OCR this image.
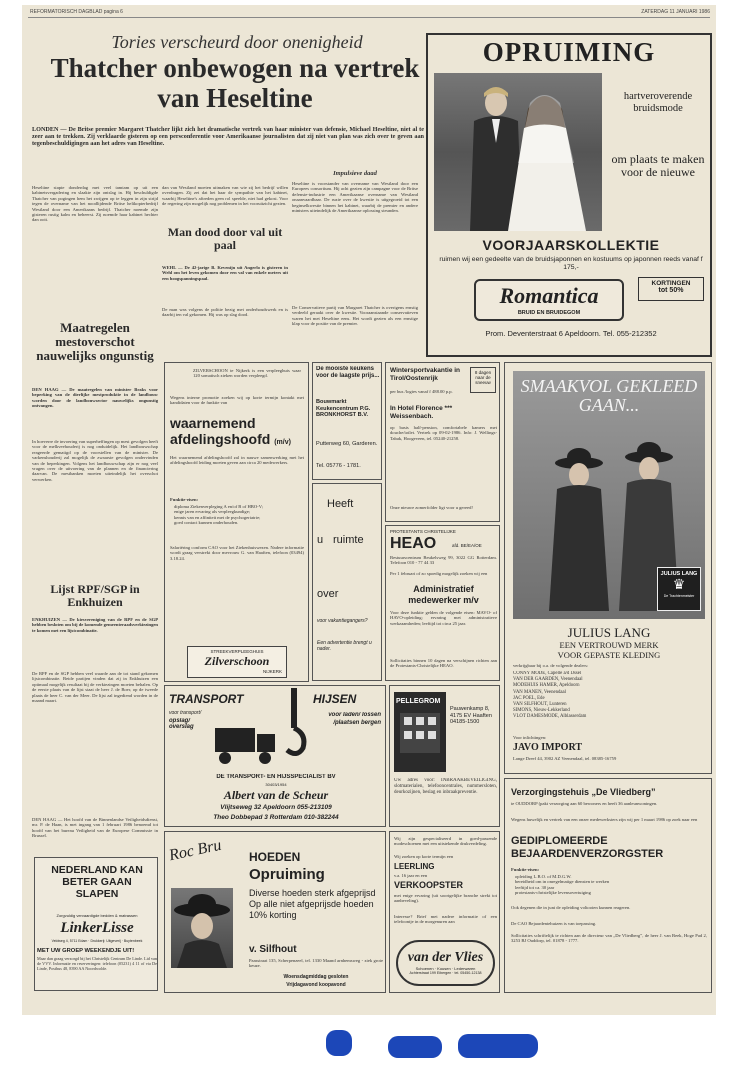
REFORMATORISCH DAGBLAD pagina 6	ZATERDAG 11 JANUARI 1986
Tories verscheurd door onenigheid
Thatcher onbewogen na vertrek van Heseltine
LONDEN — De Britse premier Margaret Thatcher lijkt zich het dramatische vertrek van haar minister van defensie, Michael Heseltine, niet al te zeer aan te trekken. Zij verklaarde gisteren op een persconferentie voor Amerikaanse journalisten dat zij niet van plan was zich over te geven aan tegenbeschuldigingen aan het adres van Heseltine.
Heseltine stapte donderdag met veel tamtam op uit een kabinetsvergadering en slaakte zijn ontslag in. Hij beschuldigde Thatcher van pogingen hem het zwijgen op te leggen in zijn strijd tegen de overname van het noodlijdende Britse helikopterbedrijf Westland door een Amerikaans bedrijf. Thatcher noemde zijn gisteren rustig kalm en beheerst. Zij noemde haar kabinet hechter dan ooit.
dan van Westland moeten uitmaken van wie zij het bedrijf willen overdragen. Zij zei dat het haar de sympathie van het kabinet, waarbij Heseltine's aftreden geen rol speelde, niet had gekost. Voor de regering zijn mogelijk nog problemen in het vooruitzicht gezien.
Man dood door val uit paal
WEHL — De 42-jarige B. Kevenijn uit Angerlo is gisteren in Wehl om het leven gekomen door een val van enkele meters uit een hoogspanningspaal.
De man was volgens de politie bezig met onderhoudswerk en is daarbij ten val gekomen. Hij was op slag dood.
Impulsieve daad
Heseltine is voorstander van overname van Westland door een Europees consortium. Hij acht gezien zijn campagne voor de Britse defensie-industrie een Amerikaanse overname van Westland onaanvaardbaar. De ruzie over de kwestie is uitgegroeid tot een beginselkwestie binnen het kabinet, waarbij de premier en andere ministers uiteindelijk de Amerikaanse oplossing steunden.
De Conservatieve partij van Margaret Thatcher is overigens ernstig verdeeld geraakt over de kwestie. Vooraanstaande conservatieven waren het met Heseltine eens. Het wordt gezien als een ernstige klap voor de positie van de premier.
Maatregelen mestoverschot nauwelijks ongunstig
DEN HAAG — De maatregelen van minister Braks voor beperking van de dierlijke mestproduktie in de landbouw worden door de landbouwsector nauwelijks ongunstig ontvangen.
In hoeverre de invoering van superheffingen op mest gevolgen heeft voor de melkveehouderij is nog onduidelijk. Het landbouwschap reageerde gematigd op de voorstellen van de minister. De varkenshouderij zal mogelijk de zwaarste gevolgen ondervinden van de beperkingen. Volgens het landbouwschap zijn er nog veel vragen over de uitvoering van de plannen en de financiering daarvan. De mestbanken moeten uiteindelijk het overschot verwerken.
Lijst RPF/SGP in Enkhuizen
ENKHUIZEN — De kiesvereniging van de RPF en de SGP hebben besloten om bij de komende gemeenteraadsverkiezingen te komen met een lijstcombinatie.
De RPF en de SGP hebben veel waarde aan de tot stand gekomen lijstcombinatie. Beide partijen vinden dat zij in Enkhuizen een optimaal mogelijk resultaat bij de verkiezingen moeten behalen. Op de eerste plaats van de lijst staat de heer J. de Boer, op de tweede plaats de heer C. van der Meer. De lijst zal ingediend worden in de maand maart.
DEN HAAG — Het hoofd van de Binnenlandse Veiligheidsdienst, mr. P. de Haan, is met ingang van 1 februari 1986 benoemd tot hoofd van het bureau Veiligheid van de Europese Commissie in Brussel.
NEDERLAND KAN BETER GAAN SLAPEN
Zorgvuldig vervaardigde bedden & matrassen
LinkerLisse
Veldweg 4, 5711 Edam · Drukkerij: Uitgeverij · Buytenbeek
MET UW GROEP WEEKENDJE UIT!
Maar dan graag verzorgd bij het Christelijk Centrum De Linde. Lid van de VVV. Informatie en reserveringen: telefoon (05231) 4 11 of via De Linde, Postbus 48, 8390 AA Noordwolde.
OPRUIMING
hartveroverende bruidsmode
om plaats te maken voor de nieuwe
VOORJAARSKOLLEKTIE
ruimen wij een gedeelte van de bruidsjaponnen en kostuums op japonnen reeds vanaf f 175,-
KORTINGEN
tot 50%
Romantica
BRUID EN BRUIDEGOM
Prom. Deventerstraat 6 Apeldoorn. Tel. 055-212352
ZILVERSCHOON te Nijkerk is een verpleeghuis waar 120 somatisch zieken worden verpleegd.
Wegens interne promotie zoeken wij op korte termijn kontakt met kandidaten voor de funktie van
waarnemend afdelingshoofd (m/v)
Het waarnemend afdelingshoofd zal in nauwe samenwerking met het afdelingshoofd leiding moeten geven aan circa 20 medewerkers.
Funktie-eisen:
diploma Ziekenverpleging A en/of B of HBO-V;
enige jaren ervaring als verpleegkundige;
kennis van en affiniteit met de psychogeriatrie;
goed contact kunnen onderhouden.
Salariëring conform CAO voor het Ziekenhuiswezen. Nadere informatie wordt graag verstrekt door mevrouw G. van Haaften, telefoon (03494) 3.18.24.
STREEKVERPLEEGHUIS
Zilverschoon
NIJKERK
De mooiste keukens voor de laagste prijs...
Bouwmarkt Keukencentrum P.G. BRONKHORST B.V.
Putterweg 60, Garderen.
Tel. 05776 - 1781.
Heeft
u ruimte
over
voor vakantiegangers?
Een advertentie brengt u nader.
Wintersportvakantie in Tirol/Oostenrijk
8 dagen naar de sneeuw
per bus /logies vanaf f 488.00 p.p.
In Hotel Florence *** Weissenbach.
op basis half-pension, comfortabele kamers met douche/toilet. Vertrek op 09-02-1986. Info: J. Wellings-Tabak, Hoogeveen, tel. 05240-21258.
Onze nieuwe zomerfolder ligt voor u gereed!
PROTESTANTS CHRISTELIJKE
HEAO	afd. BE/EA/OE
Bestuurscentrum Beukelsweg 99, 3022 GG Rotterdam. Telefoon 010 - 77 44 33
Per 1 februari of zo spoedig mogelijk zoeken wij een
Administratief medewerker m/v
Voor deze funktie gelden de volgende eisen: MAVO- of HAVO-opleiding; ervaring met administratieve werkzaamheden; leeftijd tot circa 25 jaar.
Sollicitaties binnen 10 dagen na verschijnen richten aan de Protestants-Christelijke HEAO.
SMAAKVOL GEKLEED GAAN...
JULIUS LANG
♛
De Trachtenmeister
JULIUS LANG
EEN VERTROUWD MERK
VOOR GEPASTE KLEDING
verkrijgbaar bij o.a. de volgende dealers:
CONNY MODE, Capelle a/d IJssel
VAN DER GAARDEN, Veenendaal
MODEHUIS HAMER, Apeldoorn
VAN MANEN, Veenendaal
JAC POEL, Ede
VAN SILFHOUT, Lunteren
SIMONS, Nieuw-Lekkerland
VLOT DAMESMODE, Alblasserdam
Voor inlichtingen:
JAVO IMPORT
Lange Dreef 44, 3902 AZ Veenendaal, tel. 08385-16759
TRANSPORT
voor transport/
opslag/ overslag
HIJSEN
voor laden/ lossen /plaatsen bergen
DE TRANSPORT- EN HIJSSPECIALIST BV
30403/1954
Albert van de Scheur
Vlijtseweg 32 Apeldoorn 055-213109
Theo Dobbepad 3 Rotterdam 010-382244
Roc Bru	HOEDEN
Opruiming
Diverse hoeden sterk afgeprijsd
Op alle niet afgeprijsde hoeden 10% korting
v. Silfhout
Paasstraat 135, Scherpenzeel, tel. 1330 Maand arnhemsweg - ziek grote keuze.
Woensdagmiddag gesloten
Vrijdagavond koopavond
PELLEGROM
Pauwenkamp 8, 4175 EV Haaften 04185-1500
Uw adres voor: INBRAAKBEVEILIGING, slotmaterialen, telefooncentrales, nummersloten, deurkozijnen, beslag en inbraakpreventie.
Wij zijn gespecialiseerd in goed-passende modeschoenen met een uitstekende drukverdeling.
Wij zoeken op korte termijn een
LEERLING
v.a. 16 jaar en een
VERKOOPSTER
met enige ervaring (uit soortgelijke branche strekt tot aanbeveling).
Interesse? Brief met nadere informatie of een telefoontje in de morgenuren aan
van der Vlies
Schoenen · Kousen · Lederwaren
Achterstraat 199 Eibergen · tel. 05450-12138
Verzorgingstehuis „De Vliedberg”
te OUDDORP (pakt verzorging aan 60 bewoners en heeft 36 aanleunwoningen.
Wegens huwelijk en vertrek van een onzer medewerksters zijn wij per 1 maart 1986 op zoek naar een
GEDIPLOMEERDE BEJAARDENVERZORGSTER
Funktie-eisen:
opleiding L.B.O. of M.D.G.W.
bereidheid om in onregelmatige diensten te werken
leeftijd tot ca. 30 jaar
protestants-christelijke levensovertuiging
Ook degenen die in juni de opleiding voltooien kunnen reageren.
De CAO Bejaardentehuizen is van toepassing.
Sollicitaties schriftelijk te richten aan de directeur van „De Vliedberg”, de heer J. van Beek, Hoge Pad 2, 3253 BJ Ouddorp, tel. 01878 - 1777.
